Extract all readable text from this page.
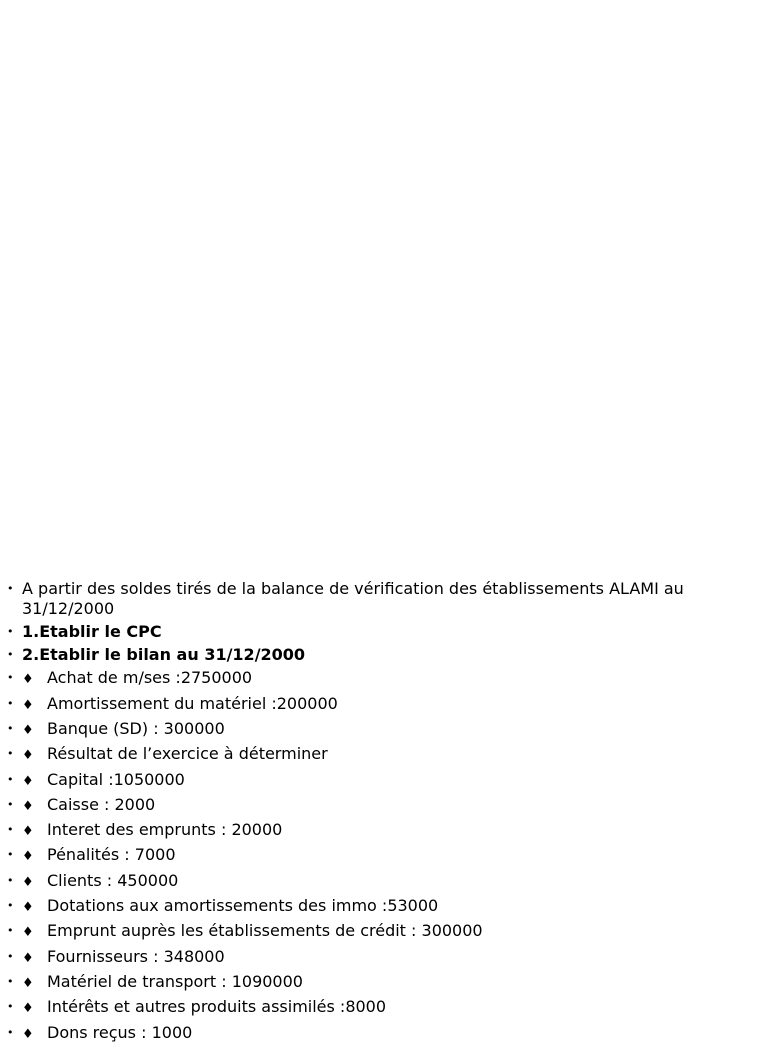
• A partir des soldes tirés de la balance de vérification des établissements ALAMI au 31/12/2000
• 1.Etablir le CPC
• 2.Etablir le bilan au 31/12/2000
• ♦ Achat de m/ses :2750000
• ♦ Amortissement du matériel :200000
• ♦ Banque (SD) : 300000
• ♦ Résultat de l’exercice à déterminer
• ♦ Capital :1050000
• ♦ Caisse : 2000
• ♦ Interet des emprunts : 20000
• ♦ Pénalités : 7000
• ♦ Clients : 450000
• ♦ Dotations aux amortissements des immo :53000
• ♦ Emprunt auprès les établissements de crédit : 300000
• ♦ Fournisseurs : 348000
• ♦ Matériel de transport : 1090000
• ♦ Intérêts et autres produits assimilés :8000
• ♦ Dons reçus : 1000
